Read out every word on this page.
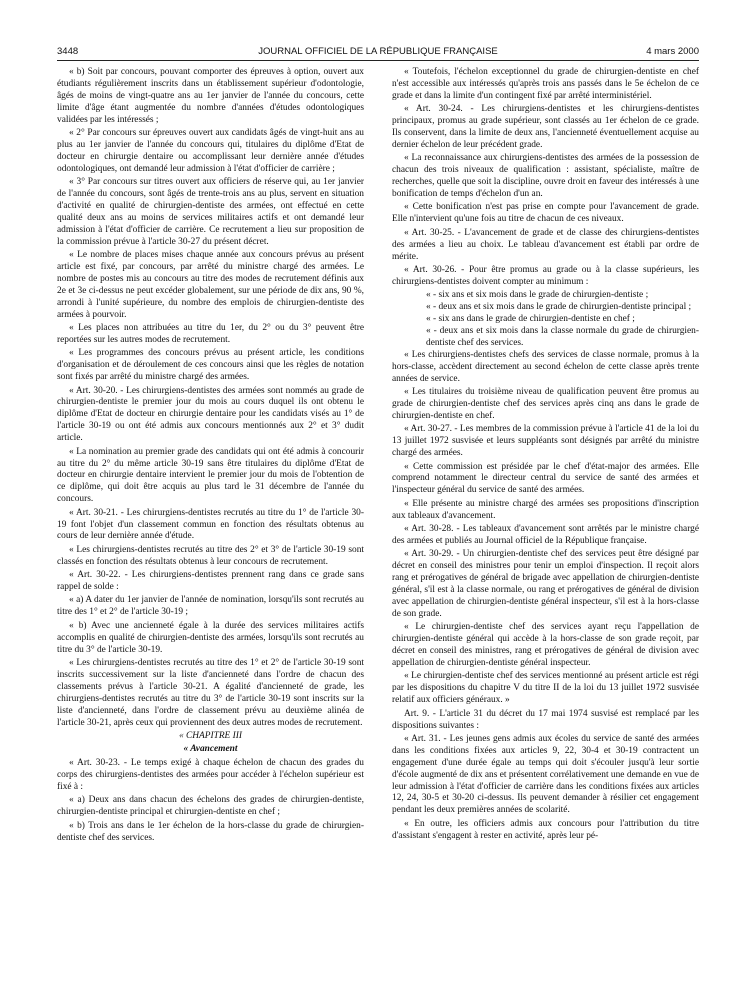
3448	JOURNAL OFFICIEL DE LA RÉPUBLIQUE FRANÇAISE	4 mars 2000

« b) Soit par concours, pouvant comporter des épreuves à option, ouvert aux étudiants régulièrement inscrits dans un établissement supérieur d'odontologie, âgés de moins de vingt-quatre ans au 1er janvier de l'année du concours, cette limite d'âge étant augmentée du nombre d'années d'études odontologiques validées par les intéressés ;

« 2° Par concours sur épreuves ouvert aux candidats âgés de vingt-huit ans au plus au 1er janvier de l'année du concours qui, titulaires du diplôme d'Etat de docteur en chirurgie dentaire ou accomplissant leur dernière année d'études odontologiques, ont demandé leur admission à l'état d'officier de carrière ;

« 3° Par concours sur titres ouvert aux officiers de réserve qui, au 1er janvier de l'année du concours, sont âgés de trente-trois ans au plus, servent en situation d'activité en qualité de chirurgien-dentiste des armées, ont effectué en cette qualité deux ans au moins de services militaires actifs et ont demandé leur admission à l'état d'officier de carrière. Ce recrutement a lieu sur proposition de la commission prévue à l'article 30-27 du présent décret.

« Le nombre de places mises chaque année aux concours prévus au présent article est fixé, par concours, par arrêté du ministre chargé des armées. Le nombre de postes mis au concours au titre des modes de recrutement définis aux 2e et 3e ci-dessus ne peut excéder globalement, sur une période de dix ans, 90 %, arrondi à l'unité supérieure, du nombre des emplois de chirurgien-dentiste des armées à pourvoir.

« Les places non attribuées au titre du 1er, du 2° ou du 3° peuvent être reportées sur les autres modes de recrutement.

« Les programmes des concours prévus au présent article, les conditions d'organisation et de déroulement de ces concours ainsi que les règles de notation sont fixés par arrêté du ministre chargé des armées.

« Art. 30-20. - Les chirurgiens-dentistes des armées sont nommés au grade de chirurgien-dentiste le premier jour du mois au cours duquel ils ont obtenu le diplôme d'Etat de docteur en chirurgie dentaire pour les candidats visés au 1° de l'article 30-19 ou ont été admis aux concours mentionnés aux 2° et 3° dudit article.

« La nomination au premier grade des candidats qui ont été admis à concourir au titre du 2° du même article 30-19 sans être titulaires du diplôme d'Etat de docteur en chirurgie dentaire intervient le premier jour du mois de l'obtention de ce diplôme, qui doit être acquis au plus tard le 31 décembre de l'année du concours.

« Art. 30-21. - Les chirurgiens-dentistes recrutés au titre du 1° de l'article 30-19 font l'objet d'un classement commun en fonction des résultats obtenus au cours de leur dernière année d'étude.

« Les chirurgiens-dentistes recrutés au titre des 2° et 3° de l'article 30-19 sont classés en fonction des résultats obtenus à leur concours de recrutement.

« Art. 30-22. - Les chirurgiens-dentistes prennent rang dans ce grade sans rappel de solde :

« a) A dater du 1er janvier de l'année de nomination, lorsqu'ils sont recrutés au titre des 1° et 2° de l'article 30-19 ;

« b) Avec une ancienneté égale à la durée des services militaires actifs accomplis en qualité de chirurgien-dentiste des armées, lorsqu'ils sont recrutés au titre du 3° de l'article 30-19.

« Les chirurgiens-dentistes recrutés au titre des 1° et 2° de l'article 30-19 sont inscrits successivement sur la liste d'ancienneté dans l'ordre de chacun des classements prévus à l'article 30-21. A égalité d'ancienneté de grade, les chirurgiens-dentistes recrutés au titre du 3° de l'article 30-19 sont inscrits sur la liste d'ancienneté, dans l'ordre de classement prévu au deuxième alinéa de l'article 30-21, après ceux qui proviennent des deux autres modes de recrutement.

« CHAPITRE III

« Avancement

« Art. 30-23. - Le temps exigé à chaque échelon de chacun des grades du corps des chirurgiens-dentistes des armées pour accéder à l'échelon supérieur est fixé à :

« a) Deux ans dans chacun des échelons des grades de chirurgien-dentiste, chirurgien-dentiste principal et chirurgien-dentiste en chef ;

« b) Trois ans dans le 1er échelon de la hors-classe du grade de chirurgien-dentiste chef des services.

« Toutefois, l'échelon exceptionnel du grade de chirurgien-dentiste en chef n'est accessible aux intéressés qu'après trois ans passés dans le 5e échelon de ce grade et dans la limite d'un contingent fixé par arrêté interministériel.

« Art. 30-24. - Les chirurgiens-dentistes et les chirurgiens-dentistes principaux, promus au grade supérieur, sont classés au 1er échelon de ce grade. Ils conservent, dans la limite de deux ans, l'ancienneté éventuellement acquise au dernier échelon de leur précédent grade.

« La reconnaissance aux chirurgiens-dentistes des armées de la possession de chacun des trois niveaux de qualification : assistant, spécialiste, maître de recherches, quelle que soit la discipline, ouvre droit en faveur des intéressés à une bonification de temps d'échelon d'un an.

« Cette bonification n'est pas prise en compte pour l'avancement de grade. Elle n'intervient qu'une fois au titre de chacun de ces niveaux.

« Art. 30-25. - L'avancement de grade et de classe des chirurgiens-dentistes des armées a lieu au choix. Le tableau d'avancement est établi par ordre de mérite.

« Art. 30-26. - Pour être promus au grade ou à la classe supérieurs, les chirurgiens-dentistes doivent compter au minimum :

« - six ans et six mois dans le grade de chirurgien-dentiste ;

« - deux ans et six mois dans le grade de chirurgien-dentiste principal ;

« - six ans dans le grade de chirurgien-dentiste en chef ;

« - deux ans et six mois dans la classe normale du grade de chirurgien-dentiste chef des services.

« Les chirurgiens-dentistes chefs des services de classe normale, promus à la hors-classe, accèdent directement au second échelon de cette classe après trente années de service.

« Les titulaires du troisième niveau de qualification peuvent être promus au grade de chirurgien-dentiste chef des services après cinq ans dans le grade de chirurgien-dentiste en chef.

« Art. 30-27. - Les membres de la commission prévue à l'article 41 de la loi du 13 juillet 1972 susvisée et leurs suppléants sont désignés par arrêté du ministre chargé des armées.

« Cette commission est présidée par le chef d'état-major des armées. Elle comprend notamment le directeur central du service de santé des armées et l'inspecteur général du service de santé des armées.

« Elle présente au ministre chargé des armées ses propositions d'inscription aux tableaux d'avancement.

« Art. 30-28. - Les tableaux d'avancement sont arrêtés par le ministre chargé des armées et publiés au Journal officiel de la République française.

« Art. 30-29. - Un chirurgien-dentiste chef des services peut être désigné par décret en conseil des ministres pour tenir un emploi d'inspection. Il reçoit alors rang et prérogatives de général de brigade avec appellation de chirurgien-dentiste général, s'il est à la classe normale, ou rang et prérogatives de général de division avec appellation de chirurgien-dentiste général inspecteur, s'il est à la hors-classe de son grade.

« Le chirurgien-dentiste chef des services ayant reçu l'appellation de chirurgien-dentiste général qui accède à la hors-classe de son grade reçoit, par décret en conseil des ministres, rang et prérogatives de général de division avec appellation de chirurgien-dentiste général inspecteur.

« Le chirurgien-dentiste chef des services mentionné au présent article est régi par les dispositions du chapitre V du titre II de la loi du 13 juillet 1972 susvisée relatif aux officiers généraux. »

Art. 9. - L'article 31 du décret du 17 mai 1974 susvisé est remplacé par les dispositions suivantes :

« Art. 31. - Les jeunes gens admis aux écoles du service de santé des armées dans les conditions fixées aux articles 9, 22, 30-4 et 30-19 contractent un engagement d'une durée égale au temps qui doit s'écouler jusqu'à leur sortie d'école augmenté de dix ans et présentent corrélativement une demande en vue de leur admission à l'état d'officier de carrière dans les conditions fixées aux articles 12, 24, 30-5 et 30-20 ci-dessus. Ils peuvent demander à résilier cet engagement pendant les deux premières années de scolarité.

« En outre, les officiers admis aux concours pour l'attribution du titre d'assistant s'engagent à rester en activité, après leur pé-
